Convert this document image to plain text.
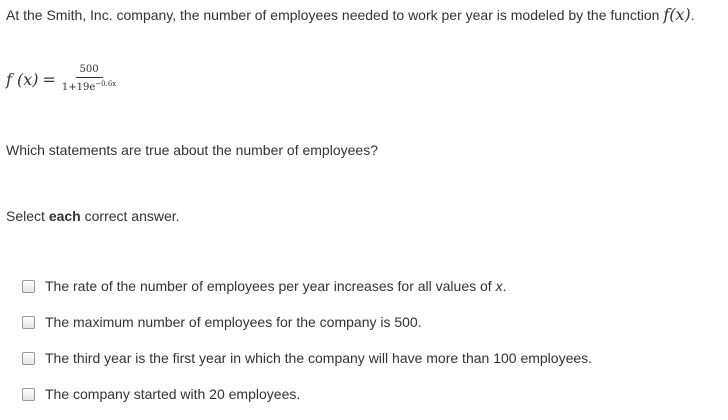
At the Smith, Inc. company, the number of employees needed to work per year is modeled by the function f(x).
f $(x) = \frac{500}{1+19e^{-0.6x}}$
Which statements are true about the number of employees?
Select each correct answer.
The rate of the number of employees per year increases for all values of x.
The maximum number of employees for the company is 500.
The third year is the first year in which the company will have more than 100 employees.
The company started with 20 employees.
